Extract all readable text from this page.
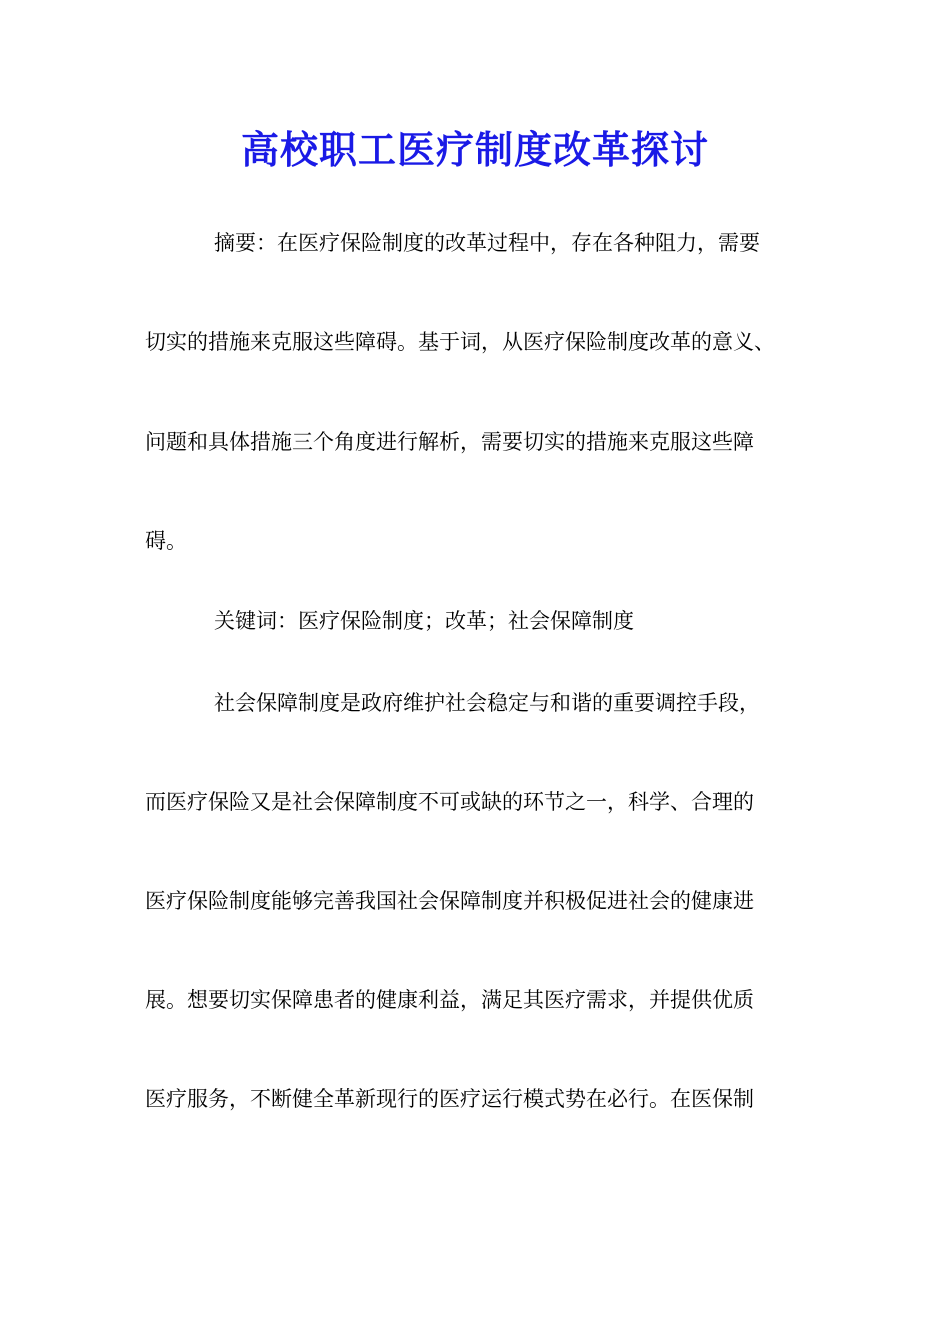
高校职工医疗制度改革探讨
摘要：在医疗保险制度的改革过程中，存在各种阻力，需要
切实的措施来克服这些障碍。基于词，从医疗保险制度改革的意义、
问题和具体措施三个角度进行解析，需要切实的措施来克服这些障
碍。
关键词：医疗保险制度；改革；社会保障制度
社会保障制度是政府维护社会稳定与和谐的重要调控手段，
而医疗保险又是社会保障制度不可或缺的环节之一，科学、合理的
医疗保险制度能够完善我国社会保障制度并积极促进社会的健康进
展。想要切实保障患者的健康利益，满足其医疗需求，并提供优质
医疗服务，不断健全革新现行的医疗运行模式势在必行。在医保制
